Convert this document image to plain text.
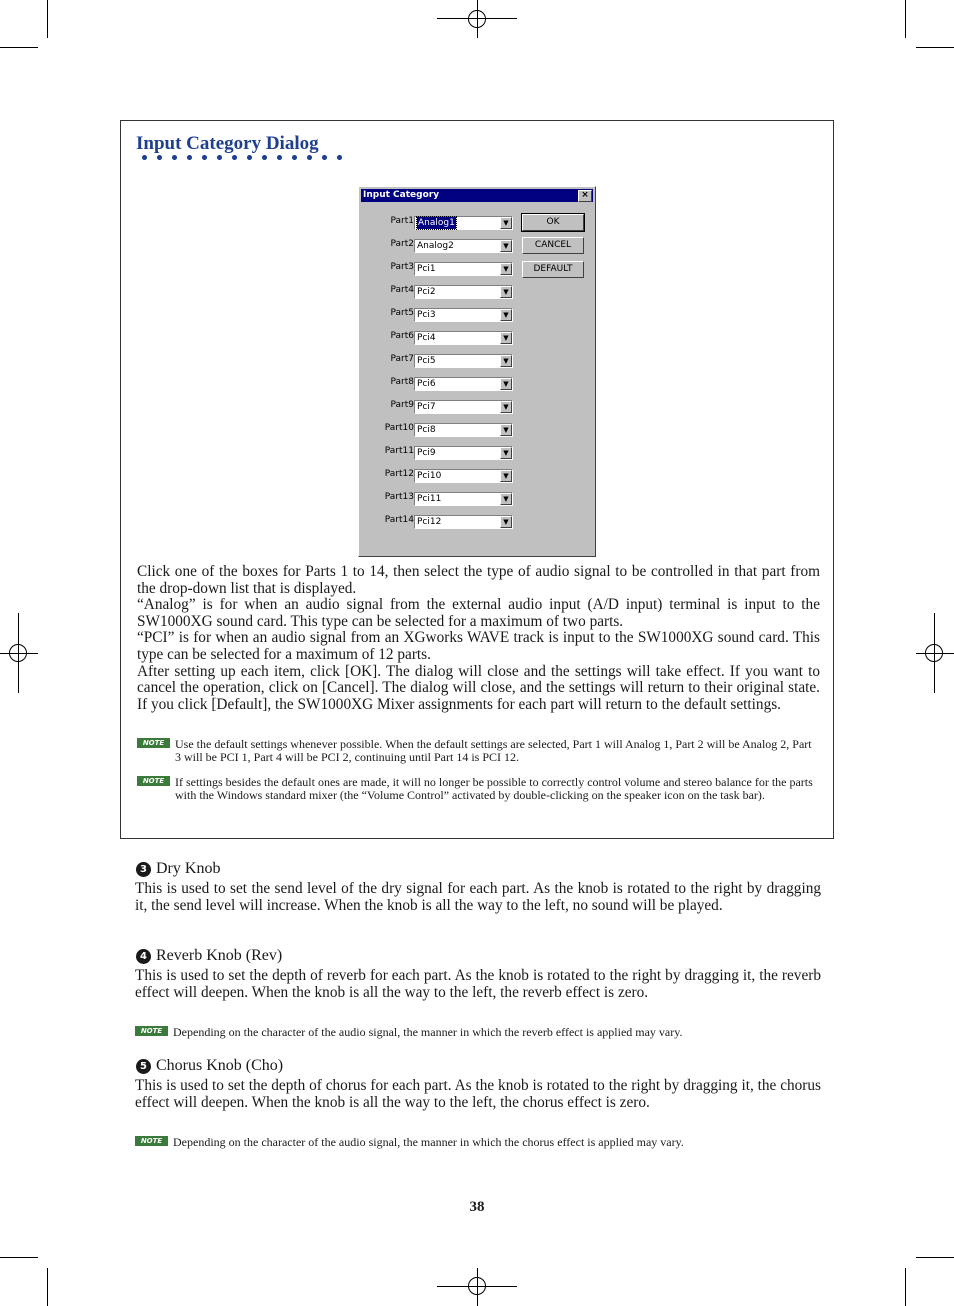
Input Category Dialog
Input Category	×
Part1 Analog1	▼
Part2 Analog2	▼
Part3 Pci1	▼
Part4 Pci2	▼
Part5 Pci3	▼
Part6 Pci4	▼
Part7 Pci5	▼
Part8 Pci6	▼
Part9 Pci7	▼
Part10 Pci8	▼
Part11 Pci9	▼
Part12 Pci10	▼
Part13 Pci11	▼
Part14 Pci12	▼
OK
CANCEL
DEFAULT

Click one of the boxes for Parts 1 to 14, then select the type of audio signal to be controlled in that part from the drop-down list that is displayed.

“Analog” is for when an audio signal from the external audio input (A/D input) terminal is input to the SW1000XG sound card. This type can be selected for a maximum of two parts.

“PCI” is for when an audio signal from an XGworks WAVE track is input to the SW1000XG sound card. This type can be selected for a maximum of 12 parts.

After setting up each item, click [OK]. The dialog will close and the settings will take effect. If you want to cancel the operation, click on [Cancel]. The dialog will close, and the settings will return to their original state. If you click [Default], the SW1000XG Mixer assignments for each part will return to the default settings.

NOTE Use the default settings whenever possible. When the default settings are selected, Part 1 will Analog 1, Part 2 will be Analog 2, Part 3 will be PCI 1, Part 4 will be PCI 2, continuing until Part 14 is PCI 12.
NOTE If settings besides the default ones are made, it will no longer be possible to correctly control volume and stereo balance for the parts with the Windows standard mixer (the “Volume Control” activated by double-clicking on the speaker icon on the task bar).
3 Dry Knob
This is used to set the send level of the dry signal for each part. As the knob is rotated to the right by dragging it, the send level will increase. When the knob is all the way to the left, no sound will be played.
4 Reverb Knob (Rev)
This is used to set the depth of reverb for each part. As the knob is rotated to the right by dragging it, the reverb effect will deepen. When the knob is all the way to the left, the reverb effect is zero.
NOTE Depending on the character of the audio signal, the manner in which the reverb effect is applied may vary.
5 Chorus Knob (Cho)
This is used to set the depth of chorus for each part. As the knob is rotated to the right by dragging it, the chorus effect will deepen. When the knob is all the way to the left, the chorus effect is zero.
NOTE Depending on the character of the audio signal, the manner in which the chorus effect is applied may vary.
38
